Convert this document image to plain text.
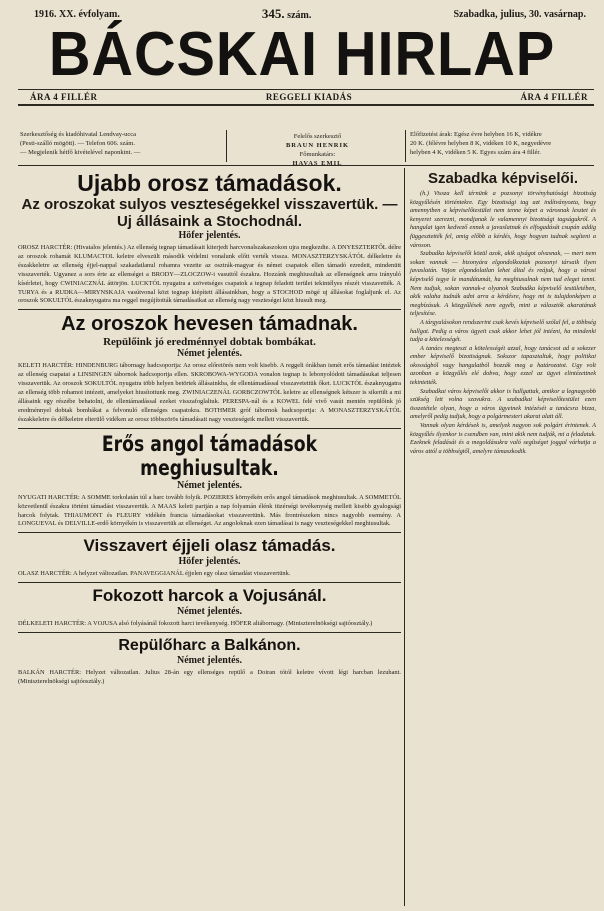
1916. XX. évfolyam.	345. szám.	Szabadka, julius, 30. vasárnap.
BÁCSKAI HIRLAP
ÁRA 4 FILLÉR	REGGELI KIADÁS	ÁRA 4 FILLÉR
Szerkesztőség és kiadóhivatal Lendvay-ucca
(Pesti-szálló mögött). — Telefon 606. szám.
— Megjelenik hétfő kivételével naponkint. —
Felelős szerkesztő
BRAUN HENRIK
Főmunkatárs:
HAVAS EMIL
Előfizetési árak: Egész évre helyben 16 K, vidékre
20 K. (félévre helyben 8 K, vidéken 10 K, negyedévre
helyben 4 K, vidéken 5 K. Egyes szám ára 4 fillér.
Ujabb orosz támadások.
Az oroszokat sulyos veszteségekkel visszavertük. — Uj állásaink a Stochodnál.
Höfer jelentés.

OROSZ HARCTÉR: (Hivatalos jelentés.) Az ellenség tegnap támadásait kiterjedt harcvonalszakaszokon ujra megkezdte. A DNYESZTERTŐL délre az oroszok rohamát KLUMACTOL keletre elveszült második védelmi vonalunk előtt verték vissza. MONASZTERZYSKÁTÓL délkeletre és északkeletre az ellenség éjjel-nappal szakadatlanul rohamra vezette az osztrák-magyar és német csapatok ellen támadó ezredeit, mindenütt visszaverték. Ugyanez a sors érte az ellenséget a BRODY—ZLOCZOW-i vasuttól északra. Hozzánk meghiusultak az ellenségnek arra irányuló kísérletei, hogy CWINIACZNÁL áttörjön. LUCKTÓL nyugatra a szövetséges csapatok a tegnap feladott terület tekintélyes részét visszavették. A TURYA és a RUDKA—MIRYNSKAJA vasútvonal közt tegnap kiépített állásainkban, hogy a STOCHOD mögé uj állásokat foglaljunk el. Az oroszok SOKULTÓL északnyugatra ma reggel megújították támadásaikat az ellenség nagy veszteségei közt hiusult meg.

Az oroszok hevesen támadnak.
Repülőink jó eredménnyel dobtak bombákat.
Német jelentés.

KELETI HARCTÉR: HINDENBURG tábornagy hadcsoportja: Az orosz előretörés nem volt kisebb. A reggeli órákban ismét erős támadást intéztek az ellenség csapatai a LINSINGEN tábornok hadcsoportja ellen. SKROBOWA-WYGODA vonalon tegnap is lebonyolódott támadásukat teljesen visszavertük. Az oroszok SOKULTÓL nyugatra több helyen betörtek állásainkba, de ellentámadással visszavetettük őket. LUCKTÓL északnyugatra az ellenség több rohamot intézett, amelyeket hiusítottunk meg. ZWINIACZENÁL GORBCZOWTÓL keletre az ellenségnek kétszer is sikerült a mi állásaink egy részébe behatolni, de ellentámadással ezeket visszafoglaltuk. PERESPA-nál és a KOWEL felé vivő vasút mentén repülőink jó eredménnyel dobtak bombákat a felvonuló ellenséges csapatokra. BOTHMER gróf tábornok hadcsoportja: A MONASZTERZYSKÁTÓL északkeletre és délkeletre elterülő vidéken az orosz többszörös támadásait nagy veszteségeik mellett visszavertük.

Erős angol támadások meghiusultak.
Német jelentés.

NYUGATI HARCTÉR: A SOMME torkolatán túl a harc tovább folyik. POZIERES környékén erős angol támadások meghiusultak. A SOMMETÓL közvetlenül északra történt támadást visszavertük. A MAAS keleti partján a nap folyamán élénk tüzérségi tevékenység mellett kisebb gyalogsági harcok folytak. THIAUMONT és FLEURY vidékén francia támadásokat visszavertünk. Más frontrészeken nincs nagyobb esemény. A LONGUEVAL és DELVILLE-erdő környékén is visszavertük az ellenséget. Az angoloknak ezen támadásai is nagy veszteségekkel meghiusultak.

Visszavert éjjeli olasz támadás.
Höfer jelentés.

OLASZ HARCTÉR: A helyzet változatlan. PANAVEGGIANÁL éjjelen egy olasz támadást visszavertünk.

Fokozott harcok a Vojusánál.
Német jelentés.

DÉLKELETI HARCTÉR: A VOJUSA alsó folyásánál fokozott harci tevékenység. HÖFER altábornagy. (Miniszterelnökségi sajtóosztály.)

Repülőharc a Balkánon.
Német jelentés.

BALKÁN HARCTÉR: Helyzet változatlan. Julius 28-án egy ellenséges repülő a Doiran tótól keletre vívott légi harcban lezuhant. (Miniszterelnökségi sajtóosztály.)

Szabadka képviselői.

(h.) Vissza kell térnünk a pozsonyi törvényhatósági bizottság közgyűlésén történtekre. Egy bizottsági tag azt indítványozta, hogy amennyiben a képviselőtestület nem tenne képet a városnak lesztet és kenyeret szerezni, mondjanak le valamennyi bizottsági tagságukról. A hangulat igen kedvező ennek a javaslatnak és elfogadását csupán addig függesztették fel, amig előbb a kérdés, hogy hogyan tudnak segíteni a városon.

Szabadka képviselői közül azok, akik ujságot olvasnak, — mert nem sokan vannak — bizonyára elgondolkoztak pozsonyi társaik ilyen javaslatán. Vajon elgondolatlan lehet által és reájuk, hogy a városi képviselő tegye le mandátumát, ha meghiusulnak nem tud eleget tenni. Nem tudjuk, sokan vannak-e olyanok Szabadka képviselő testületében, akik valaha tudnák adni arra a kérdésre, hogy mi is tulajdonképen a megbízásuk. A közgyűlések nem egyéb, mint a választók akaratának teljesítése.

A tárgyalásokon rendszerint csak kevés képviselő szólal fel, a többség hallgat. Pedig a város ügyeit csak akkor lehet jól intézni, ha mindenki tudja a kötelességét.

A tanács megteszi a kötelességét azzal, hogy tanácsot ad a sokezer ember képviselő bizottságnak. Sokszor tapasztaltuk, hogy politikai okosságból vagy hangulatból hozzák meg a határozatot. Ugy volt azonban a közgyűlés elé dobva, hogy ezzel az ügyet elintézettnek tekintették.

Szabadkai város képviselői akkor is hallgattak, amikor a legnagyobb szükség lett volna szavukra. A szabadkai képviselőtestület ezen összetétele olyan, hogy a város ügyeinek intézését a tanácsra bizza, amelyről pedig tudjuk, hogy a polgármesteri akarat alatt áll.

Vannak olyan kérdések is, amelyek nagyon sok polgárt érintenek. A közgyűlés ilyenkor is csendben van, mint akik nem tudják, mi a feladatuk. Ezeknek feladását és a megoldásukra való segítséget joggal várhatja a város attól a többségtől, amelyre támaszkodik.
